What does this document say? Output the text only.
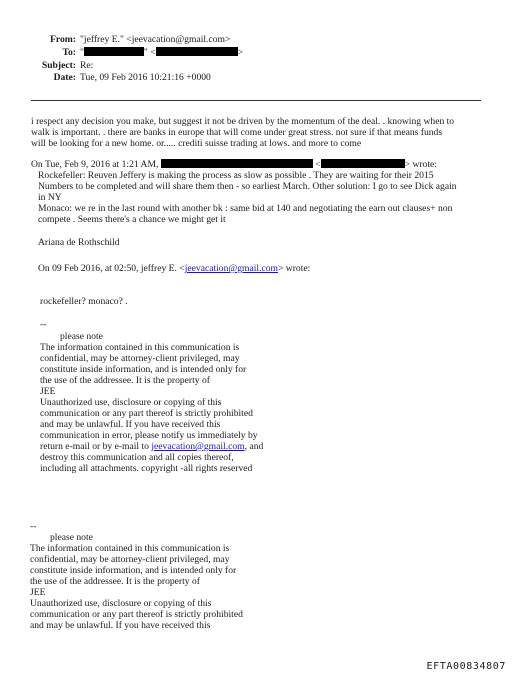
From: "jeffrey E." <jeevacation@gmail.com>
To: "	" <	>
Subject: Re:
Date: Tue, 09 Feb 2016 10:21:16 +0000
i respect any decision you make, but suggest it not be driven by the momentum of the deal. . knowing when to
walk is important. . there are banks in europe that will come under great stress. not sure if that means funds
will be looking for a new home. or..... crediti suisse trading at lows. and more to come
On Tue, Feb 9, 2016 at 1:21 AM,	<	> wrote:
Rockefeller: Reuven Jeffery is making the process as slow as possible . They are waiting for their 2015
Numbers to be completed and will share them then - so earliest March. Other solution: I go to see Dick again
in NY
Monaco: we re in the last round with another bk : same bid at 140 and negotiating the earn out clauses+ non
compete . Seems there's a chance we might get it
Ariana de Rothschild
On 09 Feb 2016, at 02:50, jeffrey E. <jeevacation@gmail.com> wrote:
rockefeller? monaco? .
--
please note
The information contained in this communication is
confidential, may be attorney-client privileged, may
constitute inside information, and is intended only for
the use of the addressee. It is the property of
JEE
Unauthorized use, disclosure or copying of this
communication or any part thereof is strictly prohibited
and may be unlawful. If you have received this
communication in error, please notify us immediately by
return e-mail or by e-mail to jeevacation@gmail.com, and
destroy this communication and all copies thereof,
including all attachments. copyright -all rights reserved
--
please note
The information contained in this communication is
confidential, may be attorney-client privileged, may
constitute inside information, and is intended only for
the use of the addressee. It is the property of
JEE
Unauthorized use, disclosure or copying of this
communication or any part thereof is strictly prohibited
and may be unlawful. If you have received this
EFTA00834807
